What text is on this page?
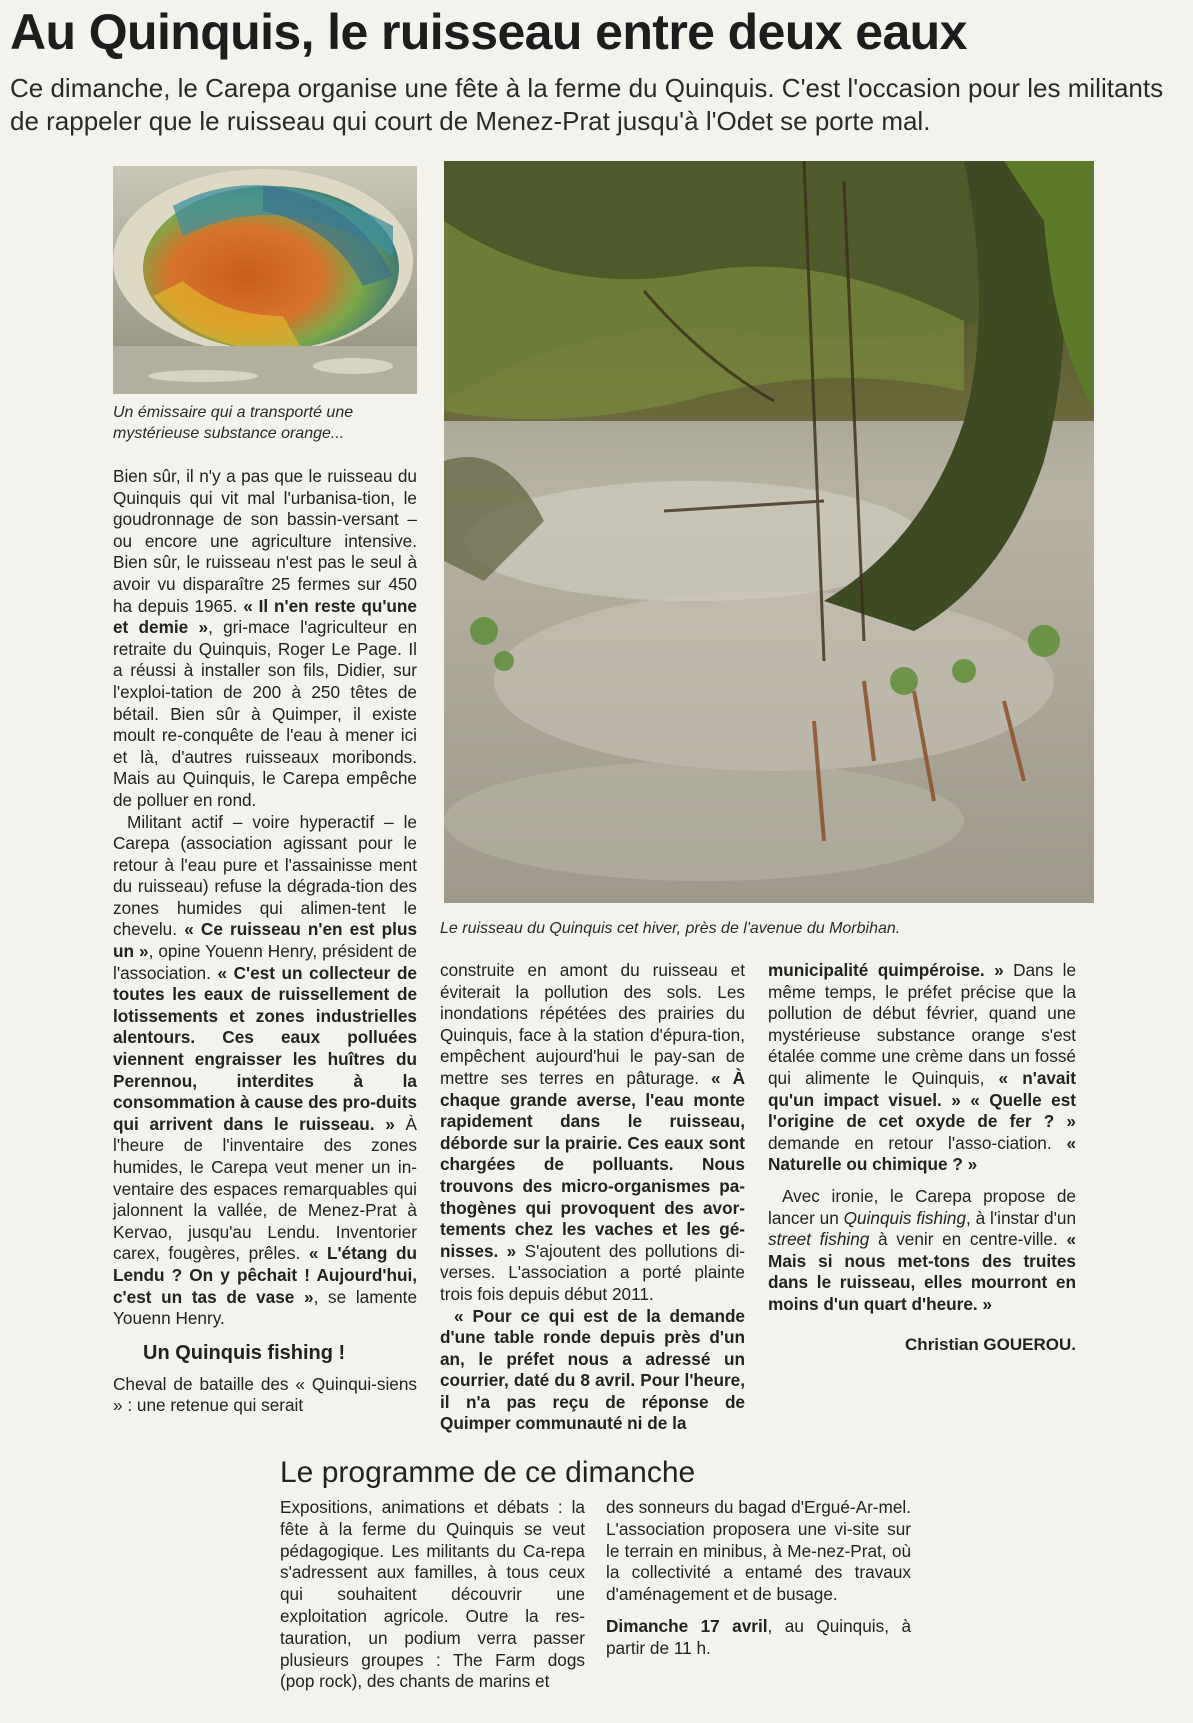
Au Quinquis, le ruisseau entre deux eaux
Ce dimanche, le Carepa organise une fête à la ferme du Quinquis. C'est l'occasion pour les militants de rappeler que le ruisseau qui court de Menez-Prat jusqu'à l'Odet se porte mal.
Un émissaire qui a transporté une mystérieuse substance orange...
Le ruisseau du Quinquis cet hiver, près de l'avenue du Morbihan.

Bien sûr, il n'y a pas que le ruisseau du Quinquis qui vit mal l'urbanisa-tion, le goudronnage de son bassin-versant – ou encore une agriculture intensive. Bien sûr, le ruisseau n'est pas le seul à avoir vu disparaître 25 fermes sur 450 ha depuis 1965. « Il n'en reste qu'une et demie », gri-mace l'agriculteur en retraite du Quinquis, Roger Le Page. Il a réussi à installer son fils, Didier, sur l'exploi-tation de 200 à 250 têtes de bétail. Bien sûr à Quimper, il existe moult re-conquête de l'eau à mener ici et là, d'autres ruisseaux moribonds. Mais au Quinquis, le Carepa empêche de polluer en rond.

Militant actif – voire hyperactif – le Carepa (association agissant pour le retour à l'eau pure et l'assainisse ment du ruisseau) refuse la dégrada-tion des zones humides qui alimen-tent le chevelu. « Ce ruisseau n'en est plus un », opine Youenn Henry, président de l'association. « C'est un collecteur de toutes les eaux de ruissellement de lotissements et zones industrielles alentours. Ces eaux polluées viennent engraisser les huîtres du Perennou, interdites à la consommation à cause des pro-duits qui arrivent dans le ruisseau. » À l'heure de l'inventaire des zones humides, le Carepa veut mener un in-ventaire des espaces remarquables qui jalonnent la vallée, de Menez-Prat à Kervao, jusqu'au Lendu. Inventorier carex, fougères, prêles. « L'étang du Lendu ? On y pêchait ! Aujourd'hui, c'est un tas de vase », se lamente Youenn Henry.

Un Quinquis fishing !

Cheval de bataille des « Quinqui-siens » : une retenue qui serait

construite en amont du ruisseau et éviterait la pollution des sols. Les inondations répétées des prairies du Quinquis, face à la station d'épura-tion, empêchent aujourd'hui le pay-san de mettre ses terres en pâturage. « À chaque grande averse, l'eau monte rapidement dans le ruisseau, déborde sur la prairie. Ces eaux sont chargées de polluants. Nous trouvons des micro-organismes pa-thogènes qui provoquent des avor-tements chez les vaches et les gé-nisses. » S'ajoutent des pollutions di-verses. L'association a porté plainte trois fois depuis début 2011.

« Pour ce qui est de la demande d'une table ronde depuis près d'un an, le préfet nous a adressé un courrier, daté du 8 avril. Pour l'heure, il n'a pas reçu de réponse de Quimper communauté ni de la

municipalité quimpéroise. » Dans le même temps, le préfet précise que la pollution de début février, quand une mystérieuse substance orange s'est étalée comme une crème dans un fossé qui alimente le Quinquis, « n'avait qu'un impact visuel. » « Quelle est l'origine de cet oxyde de fer ? » demande en retour l'asso-ciation. « Naturelle ou chimique ? »

Avec ironie, le Carepa propose de lancer un Quinquis fishing, à l'instar d'un street fishing à venir en centre-ville. « Mais si nous met-tons des truites dans le ruisseau, elles mourront en moins d'un quart d'heure. »

Christian GOUEROU.
Le programme de ce dimanche
Expositions, animations et débats : la fête à la ferme du Quinquis se veut pédagogique. Les militants du Ca-repa s'adressent aux familles, à tous ceux qui souhaitent découvrir une exploitation agricole. Outre la res-tauration, un podium verra passer plusieurs groupes : The Farm dogs (pop rock), des chants de marins et
des sonneurs du bagad d'Ergué-Ar-mel. L'association proposera une vi-site sur le terrain en minibus, à Me-nez-Prat, où la collectivité a entamé des travaux d'aménagement et de busage.
Dimanche 17 avril, au Quinquis, à partir de 11 h.
